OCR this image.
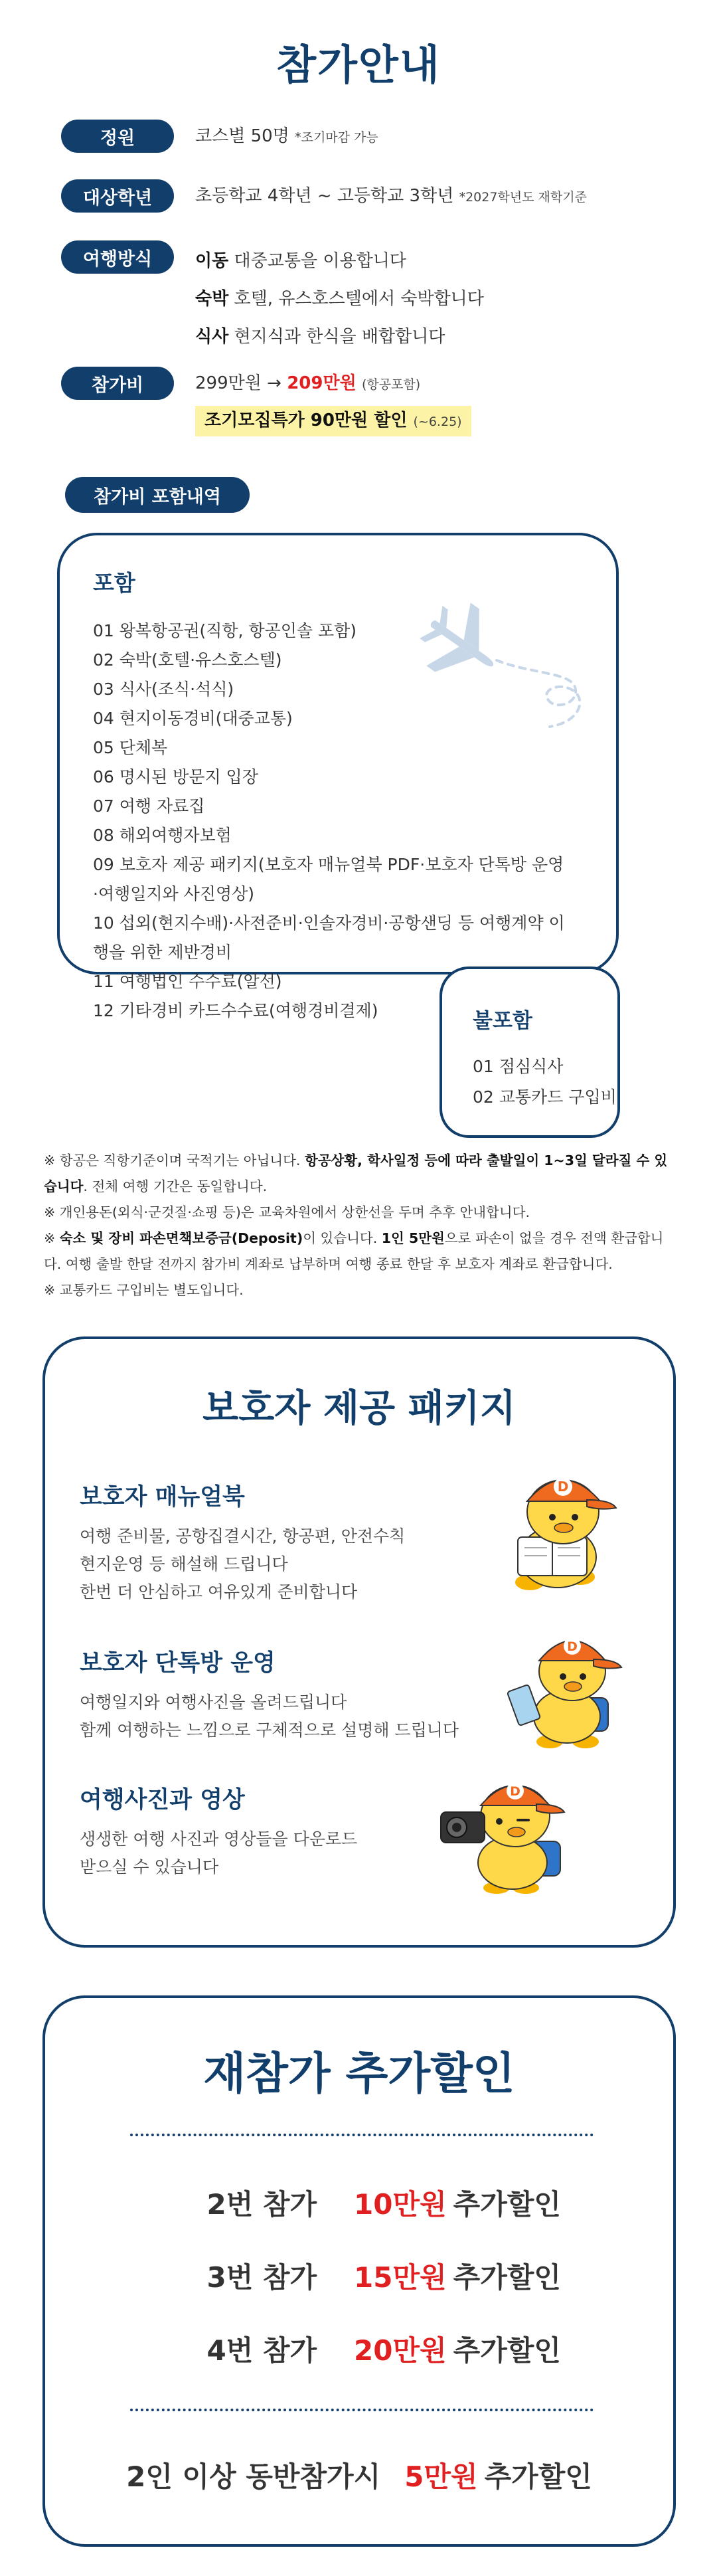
참가안내
정원	코스별 50명 *조기마감 가능
대상학년	초등학교 4학년 ~ 고등학교 3학년 *2027학년도 재학기준
여행방식	이동 대중교통을 이용합니다
숙박 호텔, 유스호스텔에서 숙박합니다
식사 현지식과 한식을 배합합니다
참가비	299만원 → 209만원 (항공포함)
조기모집특가 90만원 할인 (~6.25)
참가비 포함내역
포함
01 왕복항공권(직항, 항공인솔 포함)
02 숙박(호텔·유스호스텔)
03 식사(조식·석식)
04 현지이동경비(대중교통)
05 단체복
06 명시된 방문지 입장
07 여행 자료집
08 해외여행자보험
09 보호자 제공 패키지(보호자 매뉴얼북 PDF·보호자 단톡방 운영
·여행일지와 사진영상)
10 섭외(현지수배)·사전준비·인솔자경비·공항샌딩 등 여행계약 이
행을 위한 제반경비
11 여행법인 수수료(알선)
12 기타경비 카드수수료(여행경비결제)	불포함
01 점심식사
02 교통카드 구입비
※ 항공은 직항기준이며 국적기는 아닙니다. 항공상황, 학사일정 등에 따라 출발일이 1~3일 달라질 수 있
습니다. 전체 여행 기간은 동일합니다.
※ 개인용돈(외식·군것질·쇼핑 등)은 교육차원에서 상한선을 두며 추후 안내합니다.
※ 숙소 및 장비 파손면책보증금(Deposit)이 있습니다. 1인 5만원으로 파손이 없을 경우 전액 환급합니
다. 여행 출발 한달 전까지 참가비 계좌로 납부하며 여행 종료 한달 후 보호자 계좌로 환급합니다.
※ 교통카드 구입비는 별도입니다.
보호자 제공 패키지
보호자 매뉴얼북

여행 준비물, 공항집결시간, 항공편, 안전수칙

현지운영 등 해설해 드립니다

한번 더 안심하고 여유있게 준비합니다

보호자 단톡방 운영

여행일지와 여행사진을 올려드립니다

함께 여행하는 느낌으로 구체적으로 설명해 드립니다

여행사진과 영상

생생한 여행 사진과 영상들을 다운로드

받으실 수 있습니다

D
D
D
재참가 추가할인
2번 참가 10만원 추가할인
3번 참가 15만원 추가할인
4번 참가 20만원 추가할인
2인 이상 동반참가시 5만원 추가할인
